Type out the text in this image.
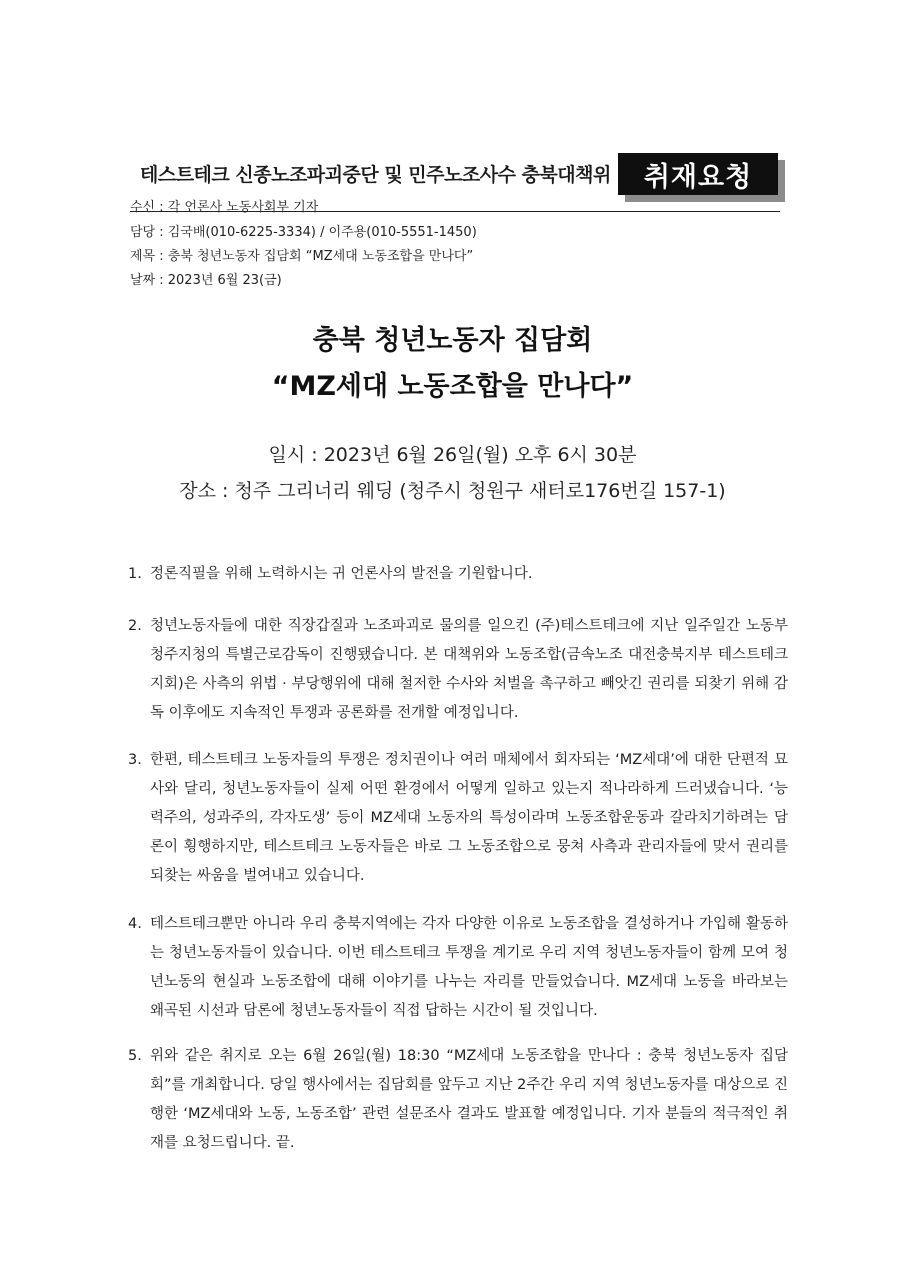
테스트테크 신종노조파괴중단 및 민주노조사수 충북대책위	취재요청
수신 : 각 언론사 노동사회부 기자
담당 : 김국배(010-6225-3334) / 이주용(010-5551-1450)
제목 : 충북 청년노동자 집담회 “MZ세대 노동조합을 만나다”
날짜 : 2023년 6월 23(금)
충북 청년노동자 집담회
“MZ세대 노동조합을 만나다”
일시 : 2023년 6월 26일(월) 오후 6시 30분
장소 : 청주 그리너리 웨딩 (청주시 청원구 새터로176번길 157-1)
1. 정론직필을 위해 노력하시는 귀 언론사의 발전을 기원합니다.
2. 청년노동자들에 대한 직장갑질과 노조파괴로 물의를 일으킨 (주)테스트테크에 지난 일주일간 노동부 청주지청의 특별근로감독이 진행됐습니다. 본 대책위와 노동조합(금속노조 대전충북지부 테스트테크지회)은 사측의 위법 · 부당행위에 대해 철저한 수사와 처벌을 촉구하고 빼앗긴 권리를 되찾기 위해 감독 이후에도 지속적인 투쟁과 공론화를 전개할 예정입니다.
3. 한편, 테스트테크 노동자들의 투쟁은 정치권이나 여러 매체에서 회자되는 ‘MZ세대’에 대한 단편적 묘사와 달리, 청년노동자들이 실제 어떤 환경에서 어떻게 일하고 있는지 적나라하게 드러냈습니다. ‘능력주의, 성과주의, 각자도생’ 등이 MZ세대 노동자의 특성이라며 노동조합운동과 갈라치기하려는 담론이 횡행하지만, 테스트테크 노동자들은 바로 그 노동조합으로 뭉쳐 사측과 관리자들에 맞서 권리를 되찾는 싸움을 벌여내고 있습니다.
4. 테스트테크뿐만 아니라 우리 충북지역에는 각자 다양한 이유로 노동조합을 결성하거나 가입해 활동하는 청년노동자들이 있습니다. 이번 테스트테크 투쟁을 계기로 우리 지역 청년노동자들이 함께 모여 청년노동의 현실과 노동조합에 대해 이야기를 나누는 자리를 만들었습니다. MZ세대 노동을 바라보는 왜곡된 시선과 담론에 청년노동자들이 직접 답하는 시간이 될 것입니다.
5. 위와 같은 취지로 오는 6월 26일(월) 18:30 “MZ세대 노동조합을 만나다 : 충북 청년노동자 집담회”를 개최합니다. 당일 행사에서는 집담회를 앞두고 지난 2주간 우리 지역 청년노동자를 대상으로 진행한 ‘MZ세대와 노동, 노동조합’ 관련 설문조사 결과도 발표할 예정입니다. 기자 분들의 적극적인 취재를 요청드립니다. 끝.
